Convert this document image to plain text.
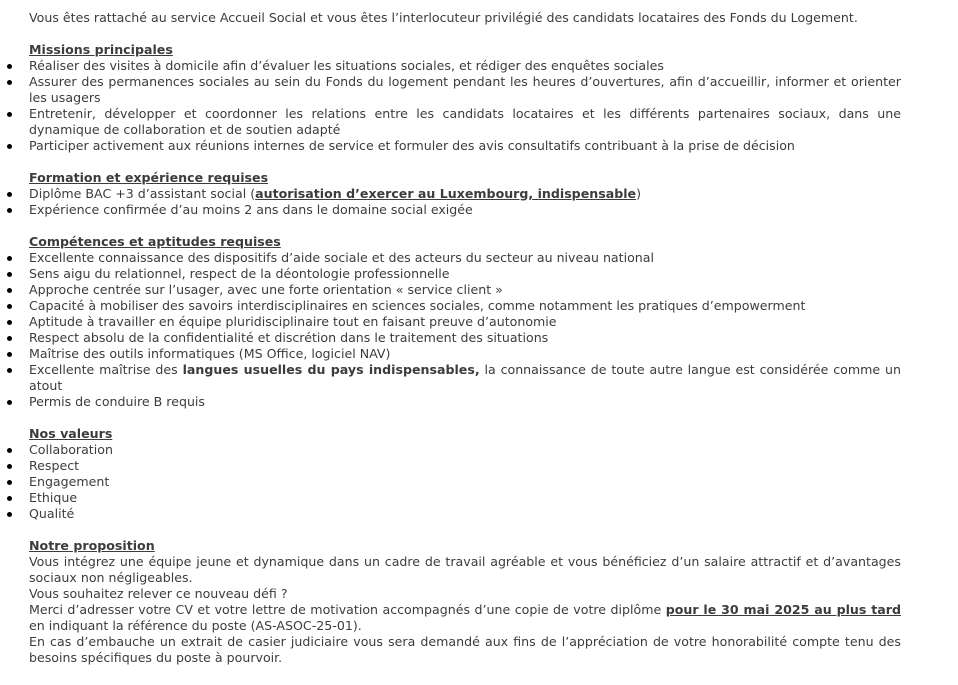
Vous êtes rattaché au service Accueil Social et vous êtes l’interlocuteur privilégié des candidats locataires des Fonds du Logement.

Missions principales
Réaliser des visites à domicile afin d’évaluer les situations sociales, et rédiger des enquêtes sociales
Assurer des permanences sociales au sein du Fonds du logement pendant les heures d’ouvertures, afin d’accueillir, informer et orienter les usagers
Entretenir, développer et coordonner les relations entre les candidats locataires et les différents partenaires sociaux, dans une dynamique de collaboration et de soutien adapté
Participer activement aux réunions internes de service et formuler des avis consultatifs contribuant à la prise de décision
Formation et expérience requises
Diplôme BAC +3 d’assistant social (autorisation d’exercer au Luxembourg, indispensable)
Expérience confirmée d’au moins 2 ans dans le domaine social exigée
Compétences et aptitudes requises
Excellente connaissance des dispositifs d’aide sociale et des acteurs du secteur au niveau national
Sens aigu du relationnel, respect de la déontologie professionnelle
Approche centrée sur l’usager, avec une forte orientation « service client »
Capacité à mobiliser des savoirs interdisciplinaires en sciences sociales, comme notamment les pratiques d’empowerment
Aptitude à travailler en équipe pluridisciplinaire tout en faisant preuve d’autonomie
Respect absolu de la confidentialité et discrétion dans le traitement des situations
Maîtrise des outils informatiques (MS Office, logiciel NAV)
Excellente maîtrise des langues usuelles du pays indispensables, la connaissance de toute autre langue est considérée comme un atout
Permis de conduire B requis
Nos valeurs
Collaboration
Respect
Engagement
Ethique
Qualité
Notre proposition

Vous intégrez une équipe jeune et dynamique dans un cadre de travail agréable et vous bénéficiez d’un salaire attractif et d’avantages sociaux non négligeables.

Vous souhaitez relever ce nouveau défi ?

Merci d’adresser votre CV et votre lettre de motivation accompagnés d’une copie de votre diplôme pour le 30 mai 2025 au plus tard en indiquant la référence du poste (AS-ASOC-25-01).

En cas d’embauche un extrait de casier judiciaire vous sera demandé aux fins de l’appréciation de votre honorabilité compte tenu des besoins spécifiques du poste à pourvoir.
